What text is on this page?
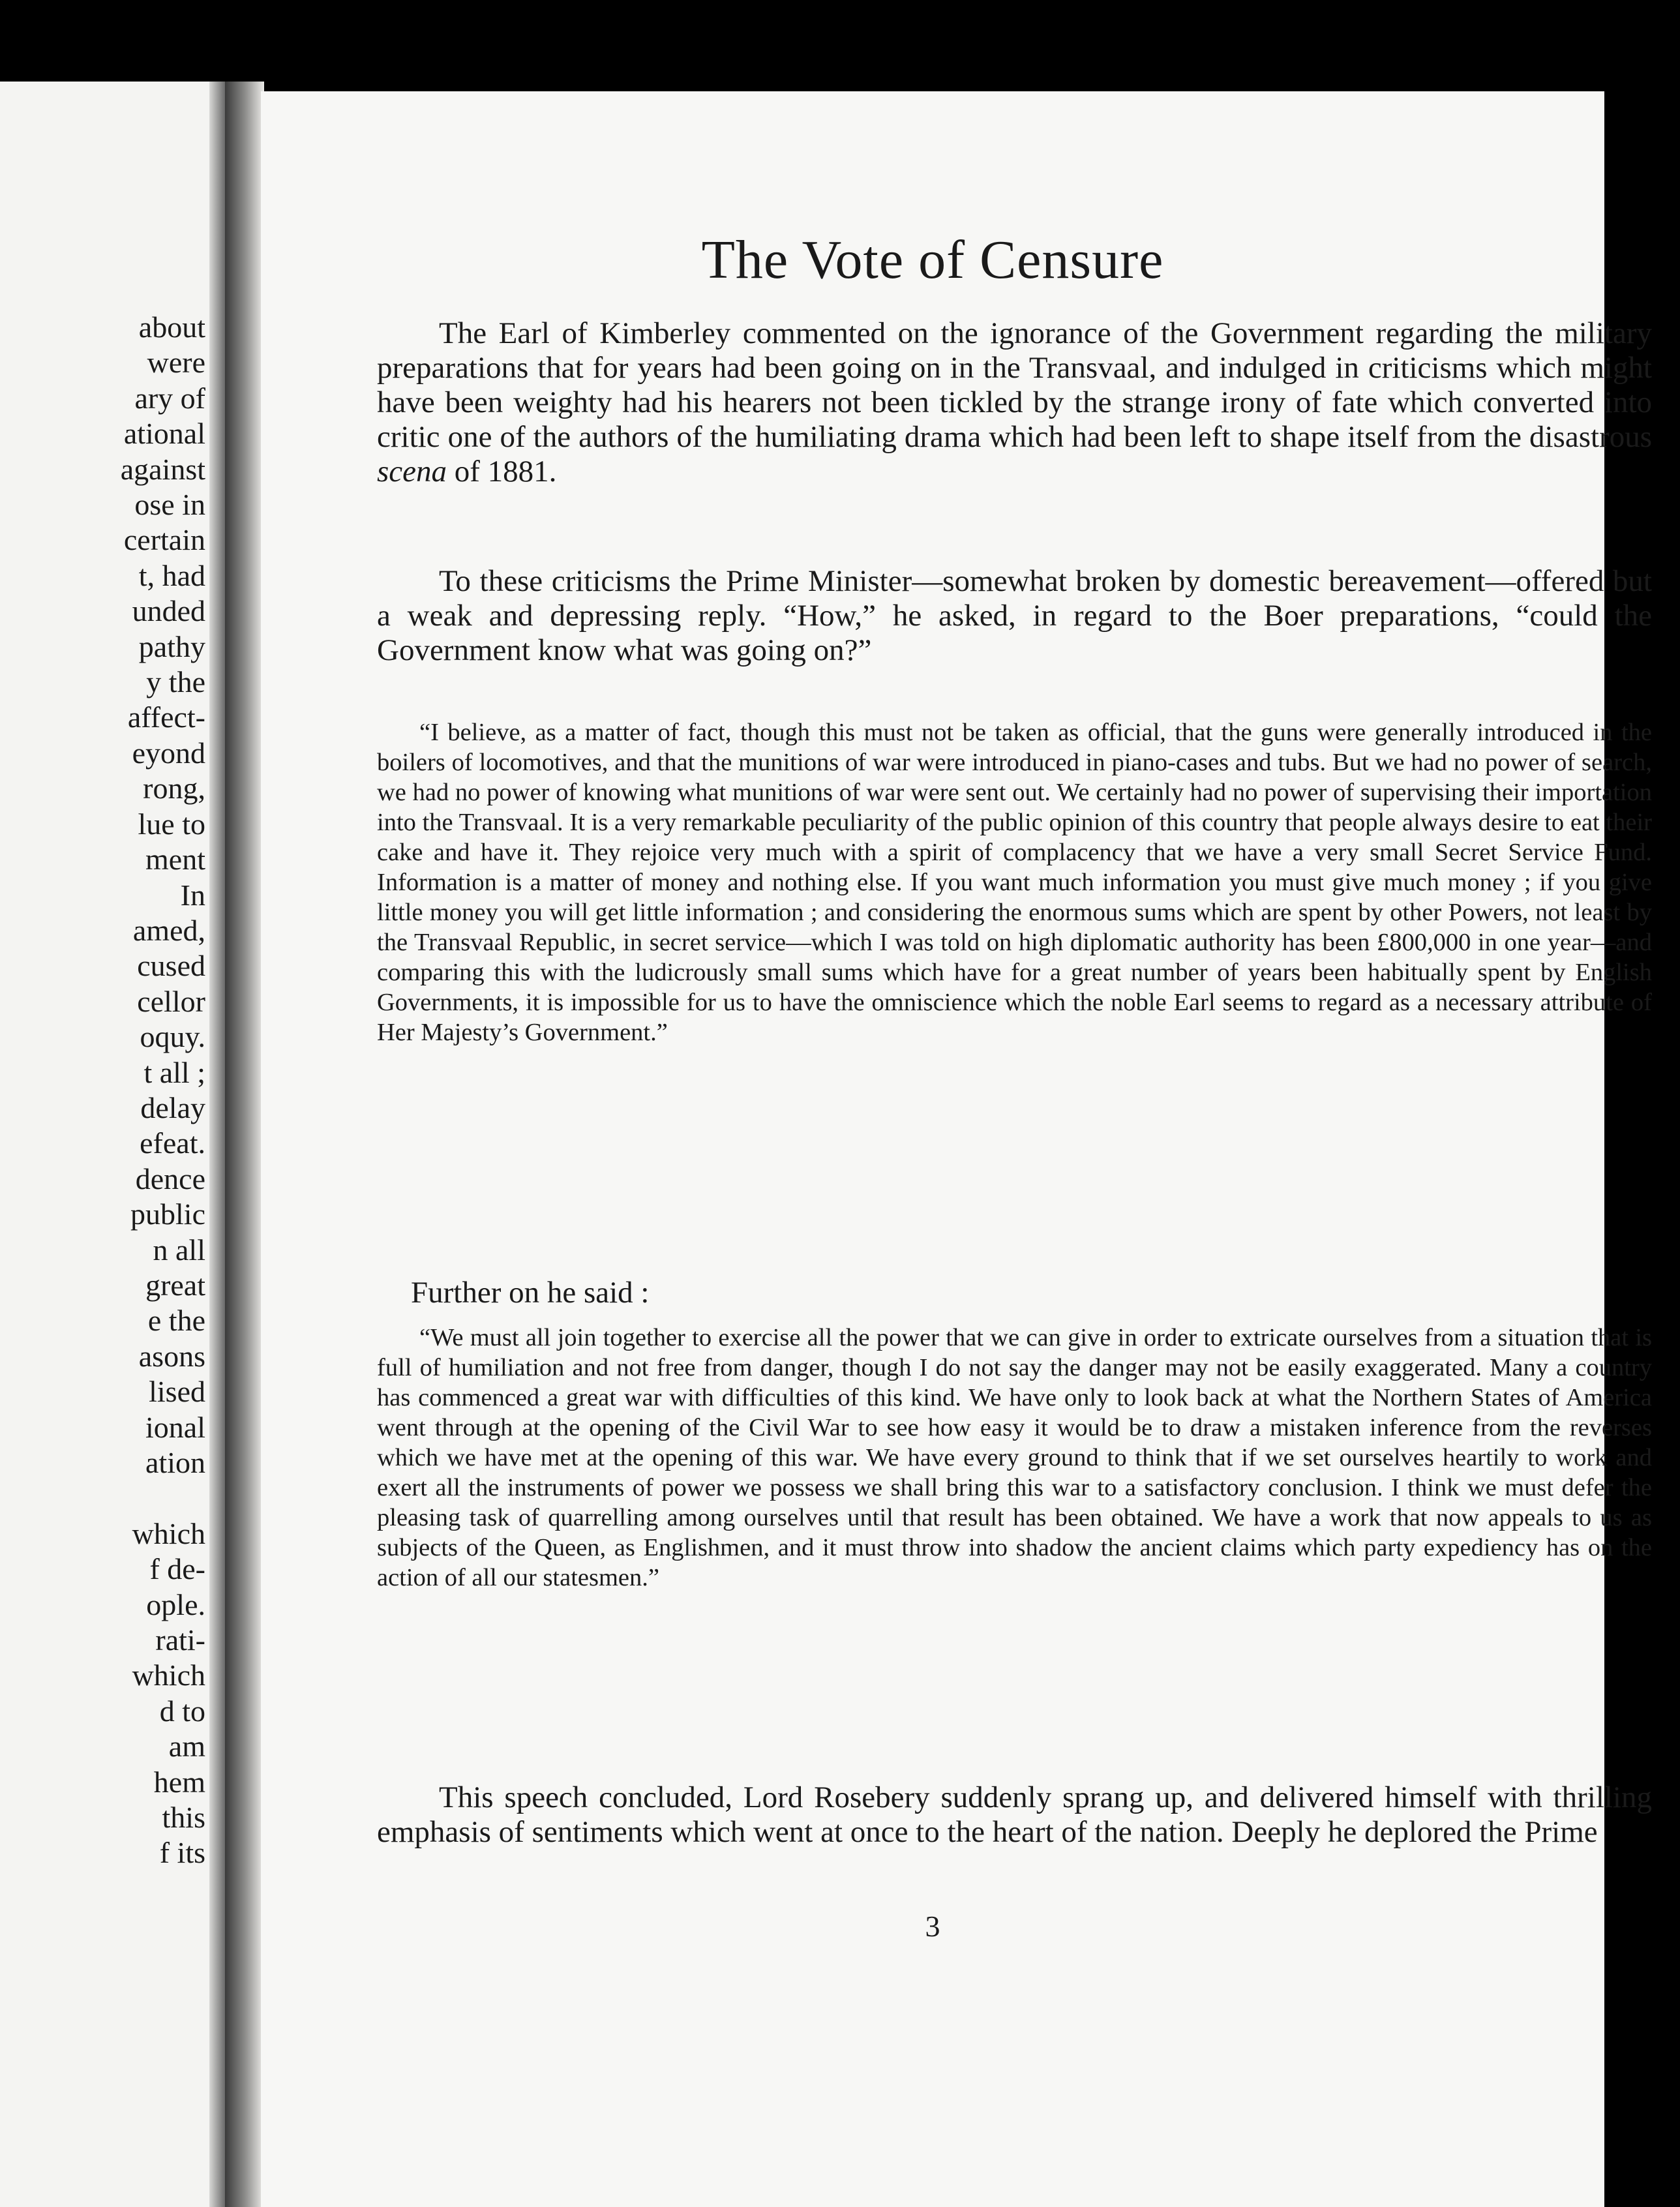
about
were
ary of
ational
against
ose in
certain
t, had
unded
pathy
y the
affect-
eyond
rong,
lue to
ment
In
amed,
cused
cellor
oquy.
t all ;
delay
efeat.
dence
public
n all
great
e the
asons
lised
ional
ation

which
f de-
ople.
rati-
which
d to
am
hem
this
f its
The Vote of Censure

The Earl of Kimberley commented on the ignorance of the Government regarding the military preparations that for years had been going on in the Transvaal, and indulged in criticisms which might have been weighty had his hearers not been tickled by the strange irony of fate which converted into critic one of the authors of the humiliating drama which had been left to shape itself from the disastrous scena of 1881.

To these criticisms the Prime Minister—somewhat broken by domestic bereavement—offered but a weak and depressing reply. “How,” he asked, in regard to the Boer preparations, “could the Government know what was going on?”

“I believe, as a matter of fact, though this must not be taken as official, that the guns were generally introduced in the boilers of locomotives, and that the munitions of war were introduced in piano-cases and tubs. But we had no power of search, we had no power of knowing what munitions of war were sent out. We certainly had no power of supervising their importation into the Transvaal. It is a very remarkable peculiarity of the public opinion of this country that people always desire to eat their cake and have it. They rejoice very much with a spirit of complacency that we have a very small Secret Service Fund. Information is a matter of money and nothing else. If you want much information you must give much money ; if you give little money you will get little information ; and considering the enormous sums which are spent by other Powers, not least by the Transvaal Republic, in secret service—which I was told on high diplomatic authority has been £800,000 in one year—and comparing this with the ludicrously small sums which have for a great number of years been habitually spent by English Governments, it is impossible for us to have the omniscience which the noble Earl seems to regard as a necessary attribute of Her Majesty’s Government.”

Further on he said :

“We must all join together to exercise all the power that we can give in order to extricate ourselves from a situation that is full of humiliation and not free from danger, though I do not say the danger may not be easily exaggerated. Many a country has commenced a great war with difficulties of this kind. We have only to look back at what the Northern States of America went through at the opening of the Civil War to see how easy it would be to draw a mistaken inference from the reverses which we have met at the opening of this war. We have every ground to think that if we set ourselves heartily to work and exert all the instruments of power we possess we shall bring this war to a satisfactory conclusion. I think we must defer the pleasing task of quarrelling among ourselves until that result has been obtained. We have a work that now appeals to us as subjects of the Queen, as Englishmen, and it must throw into shadow the ancient claims which party expediency has on the action of all our statesmen.”

This speech concluded, Lord Rosebery suddenly sprang up, and delivered himself with thrilling emphasis of sentiments which went at once to the heart of the nation. Deeply he deplored the Prime

3
